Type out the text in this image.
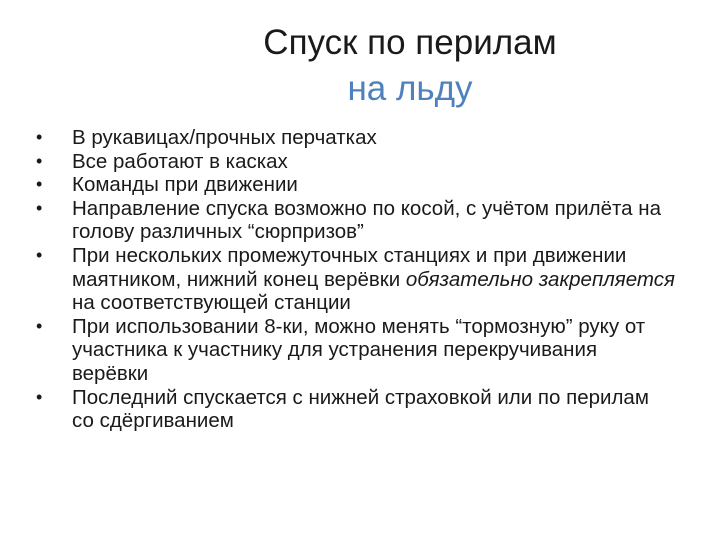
Спуск по перилам
на льду
•	В рукавицах/прочных перчатках
•	Все работают в касках
•	Команды при движении
•	Направление спуска возможно по косой, с учётом прилёта на голову различных “сюрпризов”
•	При нескольких промежуточных станциях и при движении маятником, нижний конец верёвки обязательно закрепляется на соответствующей станции
•	При использовании 8-ки, можно менять “тормозную” руку от участника к участнику для устранения перекручивания верёвки
•	Последний спускается с нижней страховкой или по перилам со сдёргиванием
